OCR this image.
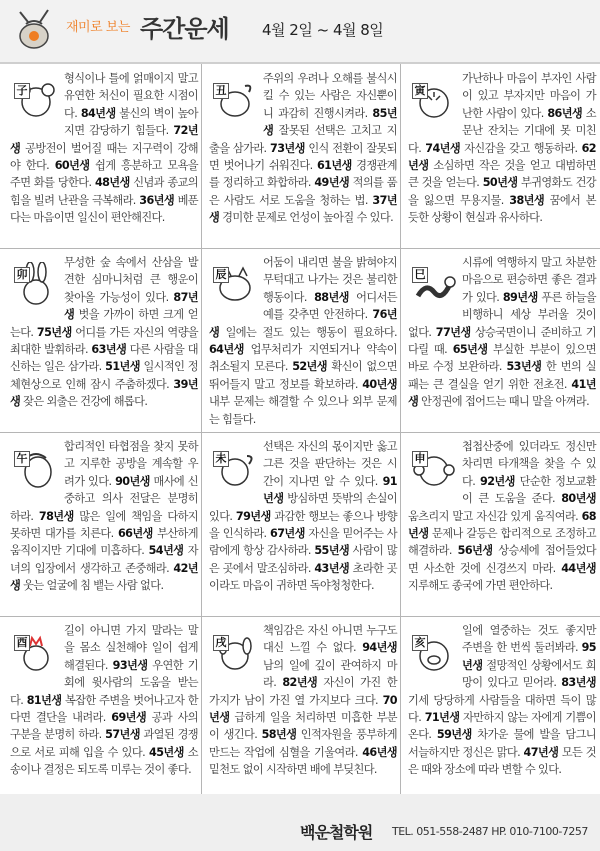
재미로 보는 주간운세 4월 2일 ~ 4월 8일
子
형식이나 틀에 얽매이지 말고 유연한 처신이 필요한 시점이다. 84년생 불신의 벽이 높아지면 감당하기 힘들다. 72년생 공방전이 벌어질 때는 지구력이 강해야 한다. 60년생 쉽게 흥분하고 모욕을 주면 화를 당한다. 48년생 신념과 종교의 힘을 빌려 난관을 극복해라. 36년생 베푼다는 마음이면 일신이 편안해진다.
丑
주위의 우려나 오해를 불식시킬 수 있는 사람은 자신뿐이니 과감히 진행시켜라. 85년생 잘못된 선택은 고치고 지출을 삼가라. 73년생 인식 전환이 잘못되면 벗어나기 쉬워진다. 61년생 경쟁관계를 정리하고 화합하라. 49년생 적의를 품은 사람도 서로 도움을 청하는 법. 37년생 경미한 문제로 언성이 높아질 수 있다.
寅
가난하나 마음이 부자인 사람이 있고 부자지만 마음이 가난한 사람이 있다. 86년생 소문난 잔치는 기대에 못 미친다. 74년생 자신감을 갖고 행동하라. 62년생 소심하면 작은 것을 얻고 대범하면 큰 것을 얻는다. 50년생 부귀영화도 건강을 잃으면 무용지물. 38년생 꿈에서 본 듯한 상황이 현실과 유사하다.
卯
무성한 숲 속에서 산삼을 발견한 심마니처럼 큰 행운이 찾아올 가능성이 있다. 87년생 벗을 가까이 하면 크게 얻는다. 75년생 어디를 가든 자신의 역량을 최대한 발휘하라. 63년생 다른 사람을 대신하는 일은 삼가라. 51년생 일시적인 정체현상으로 인해 잠시 주춤하겠다. 39년생 잦은 외출은 건강에 해롭다.
辰
어둠이 내리면 불을 밝혀야지 무턱대고 나가는 것은 불리한 행동이다. 88년생 어디서든 예를 갖추면 안전하다. 76년생 일에는 절도 있는 행동이 필요하다. 64년생 업무처리가 지연되거나 약속이 취소될지 모른다. 52년생 확신이 없으면 뛰어들지 말고 정보를 확보하라. 40년생 내부 문제는 해결할 수 있으나 외부 문제는 힘들다.
巳
시류에 역행하지 말고 차분한 마음으로 편승하면 좋은 결과가 있다. 89년생 푸른 하늘을 비행하니 세상 부러울 것이 없다. 77년생 상승국면이니 준비하고 기다릴 때. 65년생 부실한 부분이 있으면 바로 수정 보완하라. 53년생 한 번의 실패는 큰 결실을 얻기 위한 전초전. 41년생 안정권에 접어드는 때니 말을 아껴라.
午
합리적인 타협점을 찾지 못하고 지루한 공방을 계속할 우려가 있다. 90년생 매사에 신중하고 의사 전달은 분명히 하라. 78년생 많은 일에 책임을 다하지 못하면 대가를 치른다. 66년생 부산하게 움직이지만 기대에 미흡하다. 54년생 자녀의 입장에서 생각하고 존중해라. 42년생 웃는 얼굴에 침 뱉는 사람 없다.
未
선택은 자신의 몫이지만 옳고 그른 것을 판단하는 것은 시간이 지나면 알 수 있다. 91년생 방심하면 뜻밖의 손실이 있다. 79년생 과감한 행보는 좋으나 방향을 인식하라. 67년생 자신을 믿어주는 사람에게 항상 감사하라. 55년생 사람이 많은 곳에서 말조심하라. 43년생 초라한 곳이라도 마음이 귀하면 독야청청한다.
申
첩첩산중에 있더라도 정신만 차리면 타개책을 찾을 수 있다. 92년생 단순한 정보교환이 큰 도움을 준다. 80년생 움츠리지 말고 자신감 있게 움직여라. 68년생 문제나 갈등은 합리적으로 조정하고 해결하라. 56년생 상승세에 접어들었다면 사소한 것에 신경쓰지 마라. 44년생 지루해도 종국에 가면 편안하다.
酉
길이 아니면 가지 말라는 말을 몸소 실천해야 일이 쉽게 해결된다. 93년생 우연한 기회에 윗사람의 도움을 받는다. 81년생 복잡한 주변을 벗어나고자 한다면 결단을 내려라. 69년생 공과 사의 구분을 분명히 하라. 57년생 과열된 경쟁으로 서로 피해 입을 수 있다. 45년생 소송이나 결정은 되도록 미루는 것이 좋다.
戌
책임감은 자신 아니면 누구도 대신 느낄 수 없다. 94년생 남의 일에 깊이 관여하지 마라. 82년생 자신이 가진 한 가지가 남이 가진 열 가지보다 크다. 70년생 급하게 일을 처리하면 미흡한 부분이 생긴다. 58년생 인적자원을 풍부하게 만드는 작업에 심혈을 기울여라. 46년생 밑천도 없이 시작하면 배에 부딪친다.
亥
일에 열중하는 것도 좋지만 주변을 한 번씩 둘러봐라. 95년생 절망적인 상황에서도 희망이 있다고 믿어라. 83년생 기세 당당하게 사람들을 대하면 득이 많다. 71년생 자만하지 않는 자에게 기쁨이 온다. 59년생 차가운 물에 발을 담그니 서늘하지만 정신은 맑다. 47년생 모든 것은 때와 장소에 따라 변할 수 있다.
백운철학원 TEL. 051-558-2487 HP. 010-7100-7257
